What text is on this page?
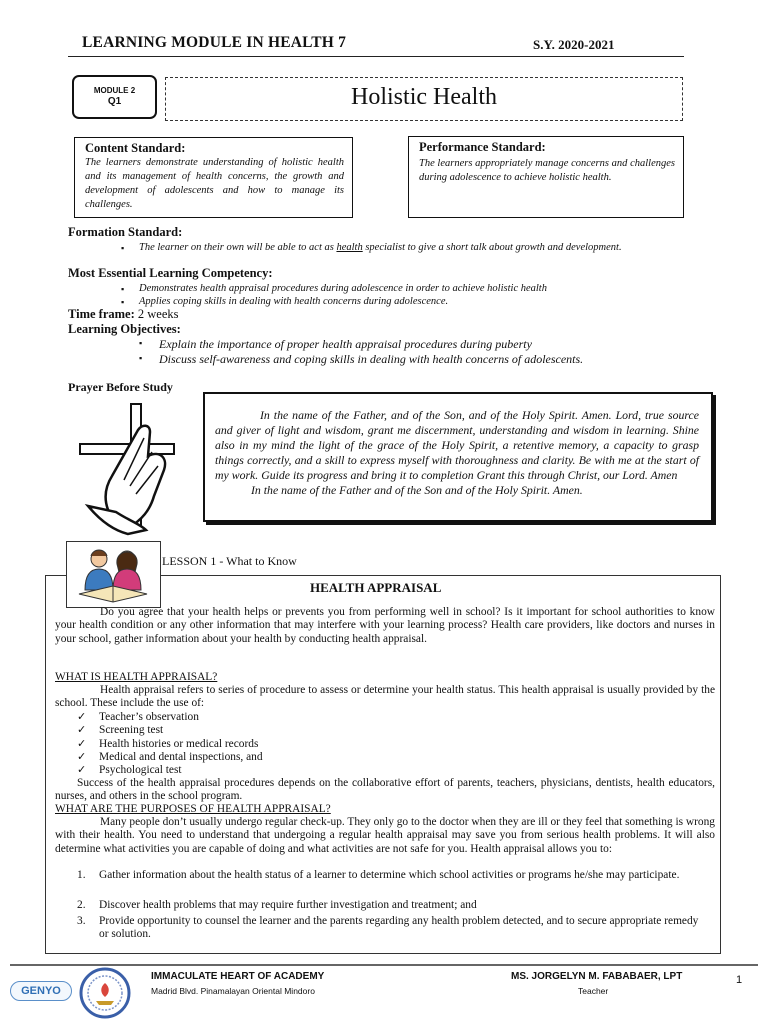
LEARNING MODULE IN HEALTH 7	S.Y. 2020-2021
MODULE 2
Q1	Holistic Health
Content Standard:
The learners demonstrate understanding of holistic health and its management of health concerns, the growth and development of adolescents and how to manage its challenges.
Performance Standard:
The learners appropriately manage concerns and challenges during adolescence to achieve holistic health.
Formation Standard:
▪ The learner on their own will be able to act as health specialist to give a short talk about growth and development.
Most Essential Learning Competency:
▪ Demonstrates health appraisal procedures during adolescence in order to achieve holistic health
▪ Applies coping skills in dealing with health concerns during adolescence.
Time frame: 2 weeks
Learning Objectives:
▪ Explain the importance of proper health appraisal procedures during puberty
▪ Discuss self-awareness and coping skills in dealing with health concerns of adolescents.
Prayer Before Study

In the name of the Father, and of the Son, and of the Holy Spirit. Amen. Lord, true source and giver of light and wisdom, grant me discernment, understanding and wisdom in learning. Shine also in my mind the light of the grace of the Holy Spirit, a retentive memory, a capacity to grasp things correctly, and a skill to express myself with thoroughness and clarity. Be with me at the start of my work. Guide its progress and bring it to completion Grant this through Christ, our Lord. Amen

In the name of the Father and of the Son and of the Holy Spirit. Amen.

LESSON 1 - What to Know
HEALTH APPRAISAL
Do you agree that your health helps or prevents you from performing well in school? Is it important for school authorities to know your health condition or any other information that may interfere with your learning process? Health care providers, like doctors and nurses in your school, gather information about your health by conducting health appraisal.
WHAT IS HEALTH APPRAISAL?
Health appraisal refers to series of procedure to assess or determine your health status. This health appraisal is usually provided by the school. These include the use of:
✓ Teacher’s observation
✓ Screening test
✓ Health histories or medical records
✓ Medical and dental inspections, and
✓ Psychological test
Success of the health appraisal procedures depends on the collaborative effort of parents, teachers, physicians, dentists, health educators, nurses, and others in the school program.
WHAT ARE THE PURPOSES OF HEALTH APPRAISAL?
Many people don’t usually undergo regular check-up. They only go to the doctor when they are ill or they feel that something is wrong with their health. You need to understand that undergoing a regular health appraisal may save you from serious health problems. It will also determine what activities you are capable of doing and what activities are not safe for you. Health appraisal allows you to:
1. Gather information about the health status of a learner to determine which school activities or programs he/she may participate.
2. Discover health problems that may require further investigation and treatment; and
3. Provide opportunity to counsel the learner and the parents regarding any health problem detected, and to secure appropriate remedy or solution.
GENYO
IMMACULATE HEART OF ACADEMY
Madrid Blvd. Pinamalayan Oriental Mindoro
MS. JORGELYN M. FABABAER, LPT
Teacher
1
